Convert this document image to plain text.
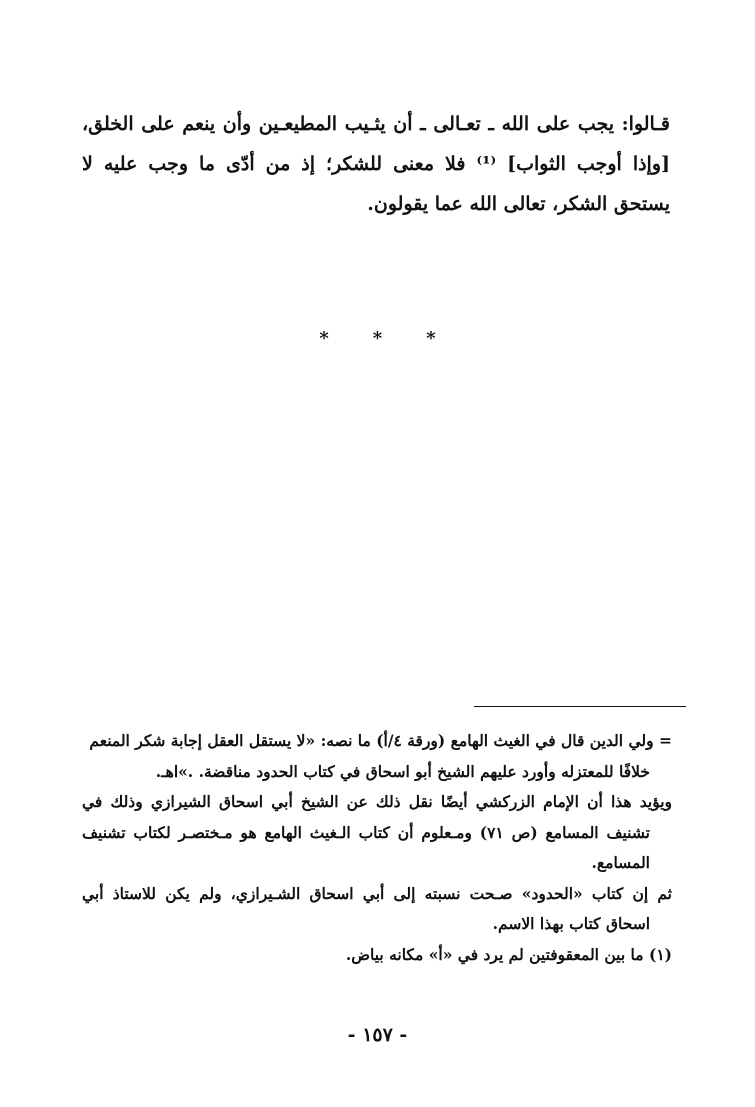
قـالوا: يجب على الله ـ تعـالى ـ أن يثـيب المطيعـين وأن ينعم على الخلق، [وإذا أوجب الثواب] ⁽¹⁾ فلا معنى للشكر؛ إذ من أدّى ما وجب عليه لا يستحق الشكر، تعالى الله عما يقولون.
* * *
= ولي الدين قال في الغيث الهامع (ورقة ٤/أ) ما نصه: «لا يستقل العقل إجابة شكر المنعم
خلافًا للمعتزله وأورد عليهم الشيخ أبو اسحاق في كتاب الحدود مناقضة. .»اهـ.
ويؤيد هذا أن الإمام الزركشي أيضًا نقل ذلك عن الشيخ أبي اسحاق الشيرازي وذلك في تشنيف المسامع (ص ٧١) ومـعلوم أن كتاب الـغيث الهامع هو مـختصـر لكتاب تشنيف المسامع.
ثم إن كتاب «الحدود» صـحت نسبته إلى أبي اسحاق الشـيرازي، ولم يكن للاستاذ أبي اسحاق كتاب بهذا الاسم.
(١) ما بين المعقوفتين لم يرد في «أ» مكانه بياض.
- ١٥٧ -
